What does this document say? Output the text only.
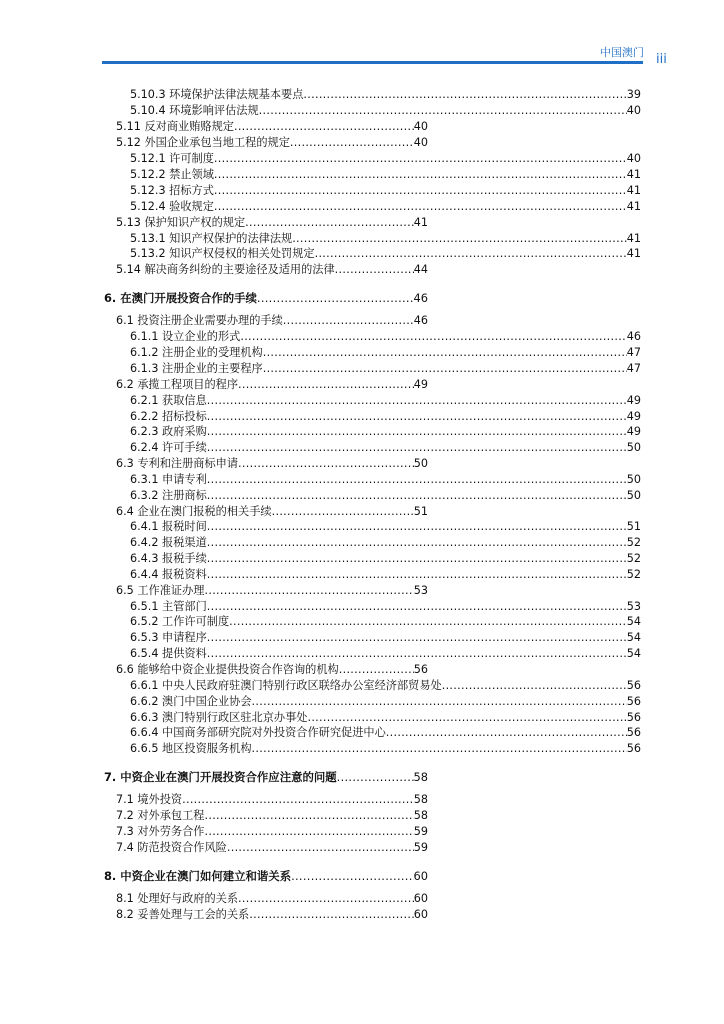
中国澳门 iii
5.10.3 环境保护法律法规基本要点 .....	39
5.10.4 环境影响评估法规 .....	40
5.11 反对商业贿赂规定 .....	40
5.12 外国企业承包当地工程的规定 .....	40
5.12.1 许可制度 .....	40
5.12.2 禁止领域 .....	41
5.12.3 招标方式 .....	41
5.12.4 验收规定 .....	41
5.13 保护知识产权的规定 .....	41
5.13.1 知识产权保护的法律法规 .....	41
5.13.2 知识产权侵权的相关处罚规定 .....	41
5.14 解决商务纠纷的主要途径及适用的法律 .....	44
6. 在澳门开展投资合作的手续 .....	46
6.1 投资注册企业需要办理的手续 .....	46
6.1.1 设立企业的形式 .....	46
6.1.2 注册企业的受理机构 .....	47
6.1.3 注册企业的主要程序 .....	47
6.2 承揽工程项目的程序 .....	49
6.2.1 获取信息 .....	49
6.2.2 招标投标 .....	49
6.2.3 政府采购 .....	49
6.2.4 许可手续 .....	50
6.3 专利和注册商标申请 .....	50
6.3.1 申请专利 .....	50
6.3.2 注册商标 .....	50
6.4 企业在澳门报税的相关手续 .....	51
6.4.1 报税时间 .....	51
6.4.2 报税渠道 .....	52
6.4.3 报税手续 .....	52
6.4.4 报税资料 .....	52
6.5 工作准证办理 .....	53
6.5.1 主管部门 .....	53
6.5.2 工作许可制度 .....	54
6.5.3 申请程序 .....	54
6.5.4 提供资料 .....	54
6.6 能够给中资企业提供投资合作咨询的机构 .....	56
6.6.1 中央人民政府驻澳门特别行政区联络办公室经济部贸易处 .....	56
6.6.2 澳门中国企业协会 .....	56
6.6.3 澳门特别行政区驻北京办事处 .....	56
6.6.4 中国商务部研究院对外投资合作研究促进中心 .....	56
6.6.5 地区投资服务机构 .....	56
7. 中资企业在澳门开展投资合作应注意的问题 .....	58
7.1 境外投资 .....	58
7.2 对外承包工程 .....	58
7.3 对外劳务合作 .....	59
7.4 防范投资合作风险 .....	59
8. 中资企业在澳门如何建立和谐关系 .....	60
8.1 处理好与政府的关系 .....	60
8.2 妥善处理与工会的关系 .....	60
